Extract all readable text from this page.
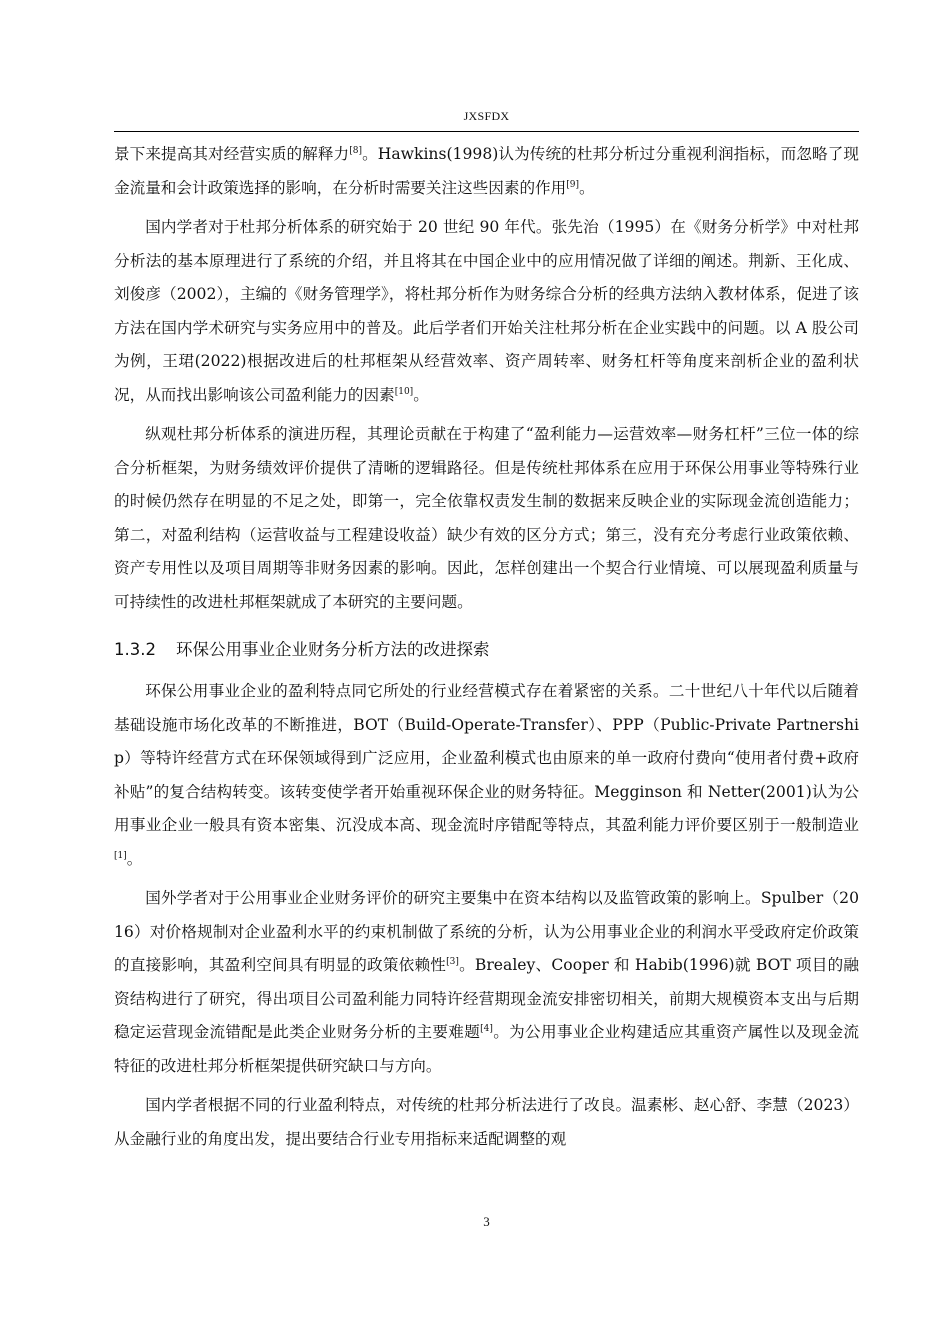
JXSFDX

景下来提高其对经营实质的解释力[8]。Hawkins(1998)认为传统的杜邦分析过分重视利润指标，而忽略了现金流量和会计政策选择的影响，在分析时需要关注这些因素的作用[9]。

国内学者对于杜邦分析体系的研究始于 20 世纪 90 年代。张先治（1995）在《财务分析学》中对杜邦分析法的基本原理进行了系统的介绍，并且将其在中国企业中的应用情况做了详细的阐述。荆新、王化成、刘俊彦（2002），主编的《财务管理学》，将杜邦分析作为财务综合分析的经典方法纳入教材体系，促进了该方法在国内学术研究与实务应用中的普及。此后学者们开始关注杜邦分析在企业实践中的问题。以 A 股公司为例，王珺(2022)根据改进后的杜邦框架从经营效率、资产周转率、财务杠杆等角度来剖析企业的盈利状况，从而找出影响该公司盈利能力的因素[10]。

纵观杜邦分析体系的演进历程，其理论贡献在于构建了“盈利能力—运营效率—财务杠杆”三位一体的综合分析框架，为财务绩效评价提供了清晰的逻辑路径。但是传统杜邦体系在应用于环保公用事业等特殊行业的时候仍然存在明显的不足之处，即第一，完全依靠权责发生制的数据来反映企业的实际现金流创造能力；第二，对盈利结构（运营收益与工程建设收益）缺少有效的区分方式；第三，没有充分考虑行业政策依赖、资产专用性以及项目周期等非财务因素的影响。因此，怎样创建出一个契合行业情境、可以展现盈利质量与可持续性的改进杜邦框架就成了本研究的主要问题。

1.3.2 环保公用事业企业财务分析方法的改进探索

环保公用事业企业的盈利特点同它所处的行业经营模式存在着紧密的关系。二十世纪八十年代以后随着基础设施市场化改革的不断推进，BOT（Build-Operate-Transfer）、PPP（Public-Private Partnership）等特许经营方式在环保领域得到广泛应用，企业盈利模式也由原来的单一政府付费向“使用者付费+政府补贴”的复合结构转变。该转变使学者开始重视环保企业的财务特征。Megginson 和 Netter(2001)认为公用事业企业一般具有资本密集、沉没成本高、现金流时序错配等特点，其盈利能力评价要区别于一般制造业[1]。

国外学者对于公用事业企业财务评价的研究主要集中在资本结构以及监管政策的影响上。Spulber（2016）对价格规制对企业盈利水平的约束机制做了系统的分析，认为公用事业企业的利润水平受政府定价政策的直接影响，其盈利空间具有明显的政策依赖性[3]。Brealey、Cooper 和 Habib(1996)就 BOT 项目的融资结构进行了研究，得出项目公司盈利能力同特许经营期现金流安排密切相关，前期大规模资本支出与后期稳定运营现金流错配是此类企业财务分析的主要难题[4]。为公用事业企业构建适应其重资产属性以及现金流特征的改进杜邦分析框架提供研究缺口与方向。

国内学者根据不同的行业盈利特点，对传统的杜邦分析法进行了改良。温素彬、赵心舒、李慧（2023）从金融行业的角度出发，提出要结合行业专用指标来适配调整的观

3
